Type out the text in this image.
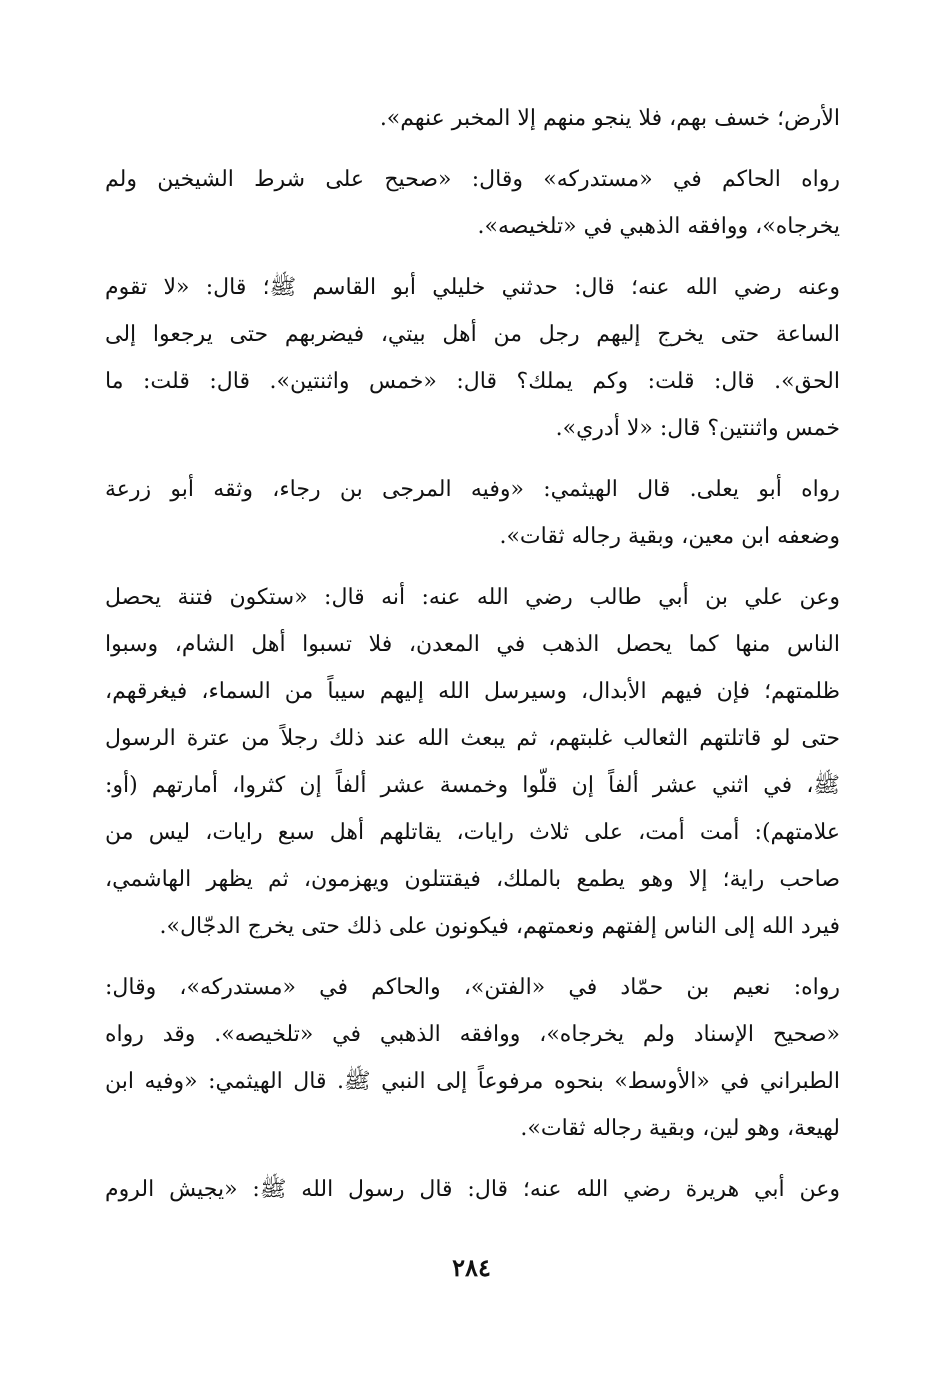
الأرض؛ خسف بهم، فلا ينجو منهم إلا المخبر عنهم».
رواه الحاكم في «مستدركه» وقال: «صحيح على شرط الشيخين ولم
يخرجاه»، ووافقه الذهبي في «تلخيصه».
وعنه رضي الله عنه؛ قال: حدثني خليلي أبو القاسم ﷺ؛ قال: «لا تقوم
الساعة حتى يخرج إليهم رجل من أهل بيتي، فيضربهم حتى يرجعوا إلى
الحق». قال: قلت: وكم يملك؟ قال: «خمس واثنتين». قال: قلت: ما
خمس واثنتين؟ قال: «لا أدري».
رواه أبو يعلى. قال الهيثمي: «وفيه المرجى بن رجاء، وثقه أبو زرعة
وضعفه ابن معين، وبقية رجاله ثقات».
وعن علي بن أبي طالب رضي الله عنه: أنه قال: «ستكون فتنة يحصل
الناس منها كما يحصل الذهب في المعدن، فلا تسبوا أهل الشام، وسبوا
ظلمتهم؛ فإن فيهم الأبدال، وسيرسل الله إليهم سيباً من السماء، فيغرقهم،
حتى لو قاتلتهم الثعالب غلبتهم، ثم يبعث الله عند ذلك رجلاً من عترة الرسول
ﷺ، في اثني عشر ألفاً إن قلّوا وخمسة عشر ألفاً إن كثروا، أمارتهم (أو:
علامتهم): أمت أمت، على ثلاث رايات، يقاتلهم أهل سبع رايات، ليس من
صاحب راية؛ إلا وهو يطمع بالملك، فيقتتلون ويهزمون، ثم يظهر الهاشمي،
فيرد الله إلى الناس إلفتهم ونعمتهم، فيكونون على ذلك حتى يخرج الدجّال».
رواه: نعيم بن حمّاد في «الفتن»، والحاكم في «مستدركه»، وقال:
«صحيح الإسناد ولم يخرجاه»، ووافقه الذهبي في «تلخيصه». وقد رواه
الطبراني في «الأوسط» بنحوه مرفوعاً إلى النبي ﷺ. قال الهيثمي: «وفيه ابن
لهيعة، وهو لين، وبقية رجاله ثقات».
وعن أبي هريرة رضي الله عنه؛ قال: قال رسول الله ﷺ: «يجيش الروم
٢٨٤
